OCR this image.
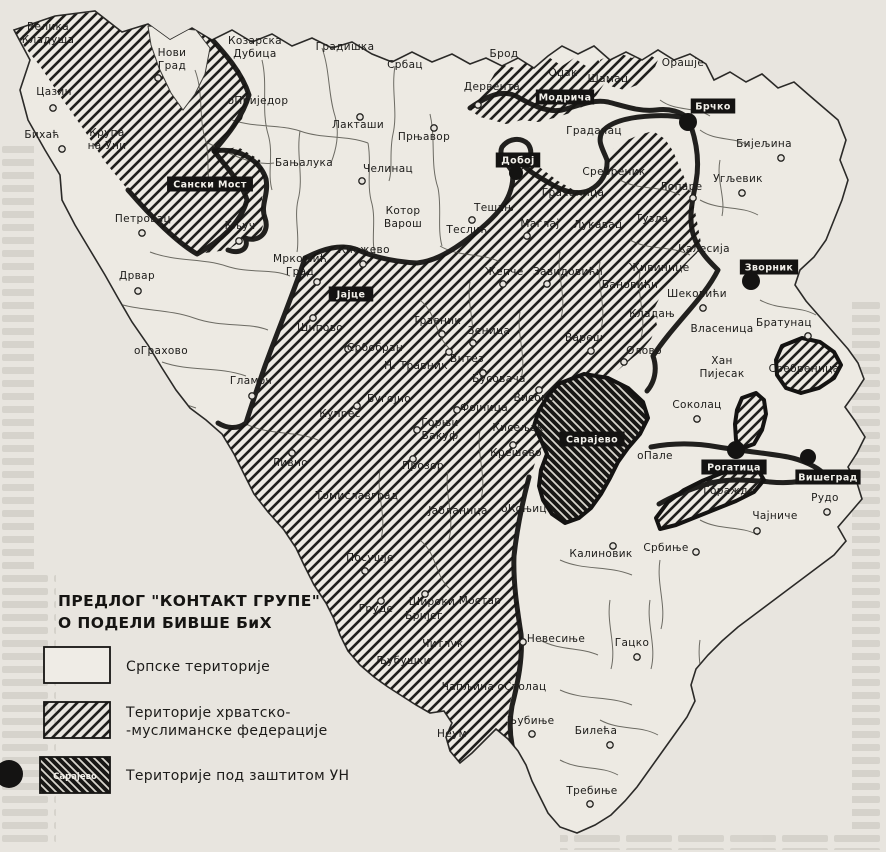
Велика Кладуша
Цазин
Бихаћ	Крупа на Уни
Нови Град
Козарска Дубица
оПриједор
Бањалука
Градишка
Србац
Лакташи
Прњавор
Челинац
Котор Варош
Кнежево
Мркоњић Град
Теслић
Тешањ
Петровац
Кључ
Дрвар
оГрахово
Гламоч
Шипово
Ливно
Дервента
Брод
Оџак Шамац
Орашје
Градачац
Грачаница
Сребреник
Маглај Лукавац Тузла
Жепче Завидовићи
Бијељина
Угљевик
Лопаре
Калесија
Живинице
Бановићи
Шековићи
Кладањ
Власеница Братунац
Сребреница
Олово
Вареш
Хан Пијесак
Травник
Зеница
Србобран
Н. Травник
Витез
Бусовача
Високо
Кисељак
Фојница
Крешево
Бугојно
Купрес
Горњи Вакуф
Прозор
Томиславград
Јабланица оКоњиц
Посушје
Груде
Широки
Бријег
Мостар
Читлук
Љубушки
Чапљина оСтолац
Неум
Љубиње
Билећа
Требиње
Гацко
Невесиње
Калиновик Србиње
Соколац
оПале
Горажде
Рудо
Чајниче
Сански Мост
Јајце
Добој
Модрича
Брчко
Зворник
Сарајево
Рогатица
Вишеград
ПРЕДЛОГ "КОНТАКТ ГРУПЕ"
О ПОДЕЛИ БИВШЕ БиХ
Српске територије
Територије хрватско-
-муслиманске федерације
Сарајево Територије под заштитом УН
